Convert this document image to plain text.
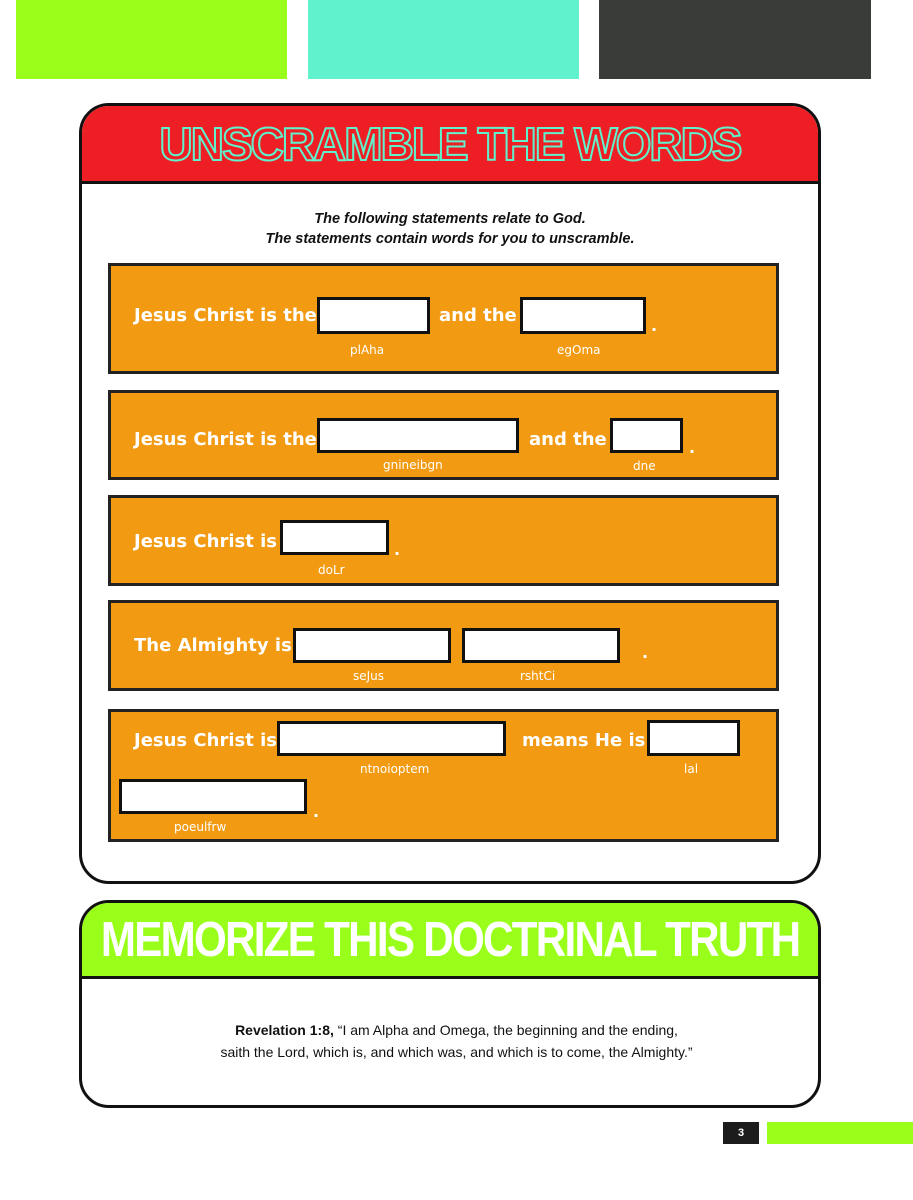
UNSCRAMBLE THE WORDS
The following statements relate to God.
The statements contain words for you to unscramble.
Jesus Christ is the	and the	.
plAha	egOma
Jesus Christ is the	and the	.
gnineibgn	dne
Jesus Christ is	.
doLr
The Almighty is	.
seJus	rshtCi
Jesus Christ is	means He is
ntnoioptem	lal
.
poeulfrw
MEMORIZE THIS DOCTRINAL TRUTH
Revelation 1:8, “I am Alpha and Omega, the beginning and the ending,
saith the Lord, which is, and which was, and which is to come, the Almighty.”
3
